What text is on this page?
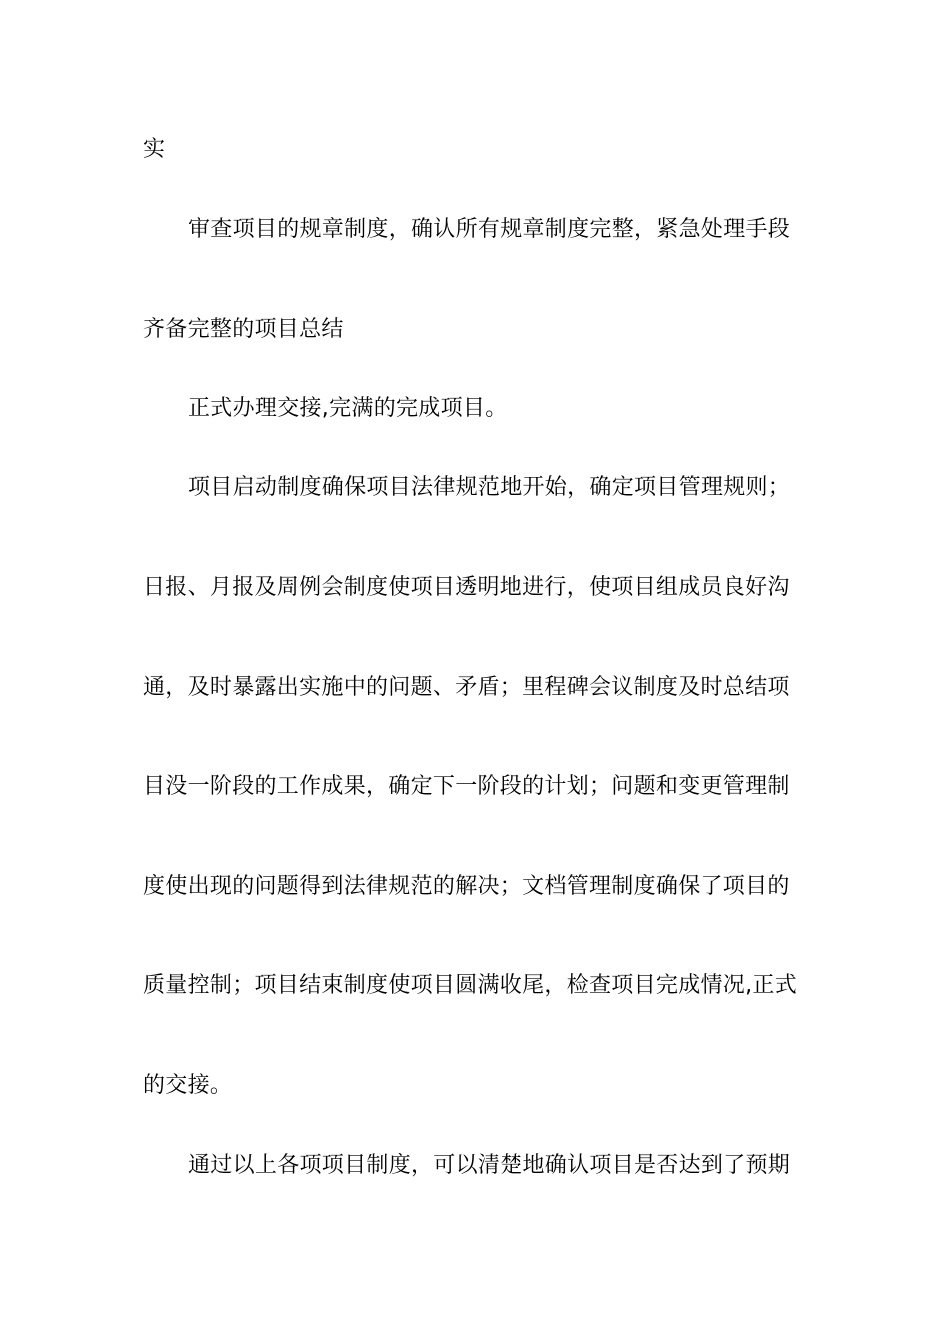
实
审查项目的规章制度，确认所有规章制度完整，紧急处理手段
齐备完整的项目总结
正式办理交接,完满的完成项目。
项目启动制度确保项目法律规范地开始，确定项目管理规则；
日报、月报及周例会制度使项目透明地进行，使项目组成员良好沟
通，及时暴露出实施中的问题、矛盾；里程碑会议制度及时总结项
目没一阶段的工作成果，确定下一阶段的计划；问题和变更管理制
度使出现的问题得到法律规范的解决；文档管理制度确保了项目的
质量控制；项目结束制度使项目圆满收尾，检查项目完成情况,正式
的交接。
通过以上各项项目制度，可以清楚地确认项目是否达到了预期
